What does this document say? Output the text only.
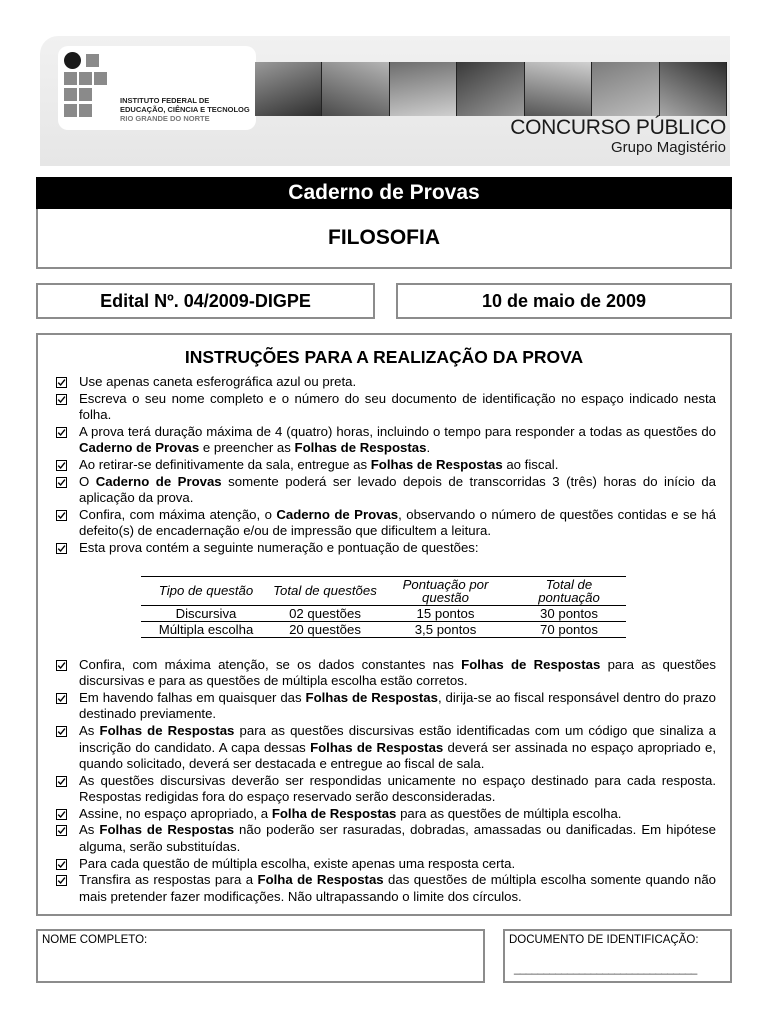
INSTITUTO FEDERAL DE
EDUCAÇÃO, CIÊNCIA E TECNOLOG
RIO GRANDE DO NORTE	CONCURSO PÚBLICO
Grupo Magistério
Caderno de Provas
FILOSOFIA
Edital Nº. 04/2009-DIGPE	10 de maio de 2009
INSTRUÇÕES PARA A REALIZAÇÃO DA PROVA
Use apenas caneta esferográfica azul ou preta.
Escreva o seu nome completo e o número do seu documento de identificação no espaço indicado nesta folha.
A prova terá duração máxima de 4 (quatro) horas, incluindo o tempo para responder a todas as questões do Caderno de Provas e preencher as Folhas de Respostas.
Ao retirar-se definitivamente da sala, entregue as Folhas de Respostas ao fiscal.
O Caderno de Provas somente poderá ser levado depois de transcorridas 3 (três) horas do início da aplicação da prova.
Confira, com máxima atenção, o Caderno de Provas, observando o número de questões contidas e se há defeito(s) de encadernação e/ou de impressão que dificultem a leitura.
Esta prova contém a seguinte numeração e pontuação de questões:
Tipo de questão	Total de questões	Pontuação por questão	Total de pontuação
Discursiva	02 questões	15 pontos	30 pontos
Múltipla escolha	20 questões	3,5 pontos	70 pontos
Confira, com máxima atenção, se os dados constantes nas Folhas de Respostas para as questões discursivas e para as questões de múltipla escolha estão corretos.
Em havendo falhas em quaisquer das Folhas de Respostas, dirija-se ao fiscal responsável dentro do prazo destinado previamente.
As Folhas de Respostas para as questões discursivas estão identificadas com um código que sinaliza a inscrição do candidato. A capa dessas Folhas de Respostas deverá ser assinada no espaço apropriado e, quando solicitado, deverá ser destacada e entregue ao fiscal de sala.
As questões discursivas deverão ser respondidas unicamente no espaço destinado para cada resposta. Respostas redigidas fora do espaço reservado serão desconsideradas.
Assine, no espaço apropriado, a Folha de Respostas para as questões de múltipla escolha.
As Folhas de Respostas não poderão ser rasuradas, dobradas, amassadas ou danificadas. Em hipótese alguma, serão substituídas.
Para cada questão de múltipla escolha, existe apenas uma resposta certa.
Transfira as respostas para a Folha de Respostas das questões de múltipla escolha somente quando não mais pretender fazer modificações. Não ultrapassando o limite dos círculos.
NOME COMPLETO:	DOCUMENTO DE IDENTIFICAÇÃO:
_______________________________
